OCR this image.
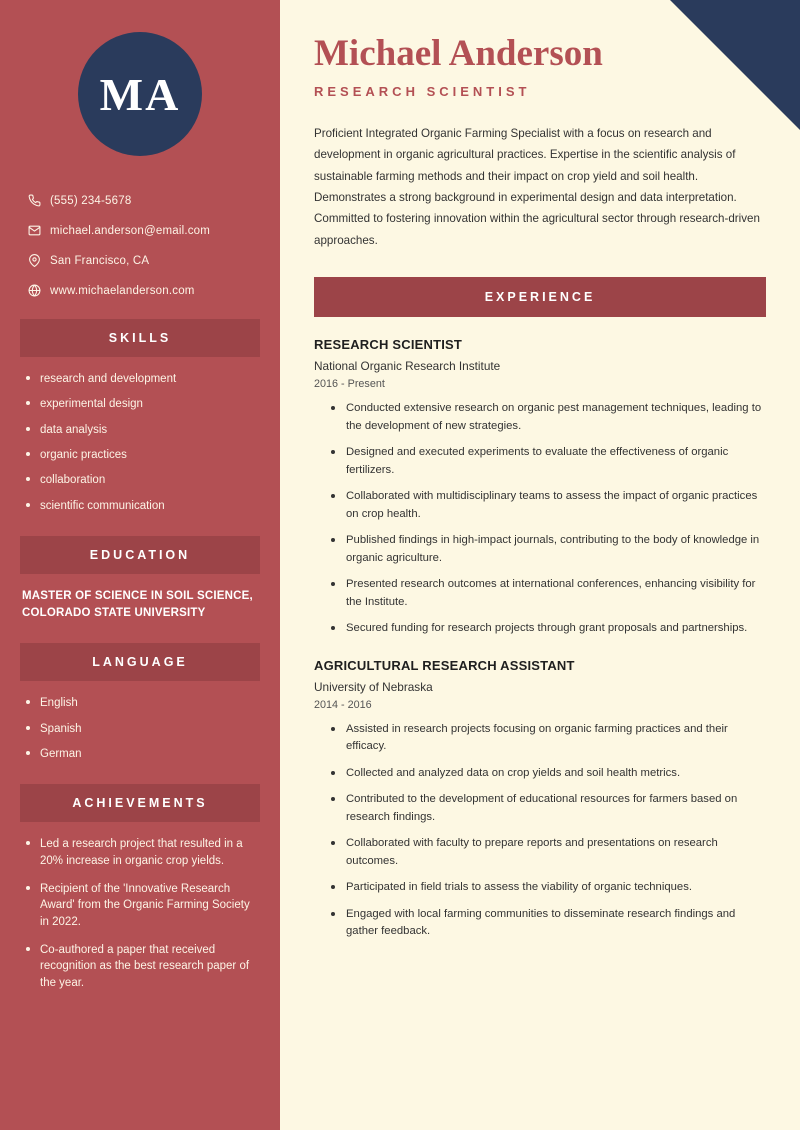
MA
(555) 234-5678
michael.anderson@email.com
San Francisco, CA
www.michaelanderson.com
SKILLS
research and development
experimental design
data analysis
organic practices
collaboration
scientific communication
EDUCATION
MASTER OF SCIENCE IN SOIL SCIENCE, COLORADO STATE UNIVERSITY
LANGUAGE
English
Spanish
German
ACHIEVEMENTS
Led a research project that resulted in a 20% increase in organic crop yields.
Recipient of the 'Innovative Research Award' from the Organic Farming Society in 2022.
Co-authored a paper that received recognition as the best research paper of the year.
Michael Anderson
RESEARCH SCIENTIST

Proficient Integrated Organic Farming Specialist with a focus on research and development in organic agricultural practices. Expertise in the scientific analysis of sustainable farming methods and their impact on crop yield and soil health. Demonstrates a strong background in experimental design and data interpretation. Committed to fostering innovation within the agricultural sector through research-driven approaches.

EXPERIENCE
RESEARCH SCIENTIST
National Organic Research Institute
2016 - Present
Conducted extensive research on organic pest management techniques, leading to the development of new strategies.
Designed and executed experiments to evaluate the effectiveness of organic fertilizers.
Collaborated with multidisciplinary teams to assess the impact of organic practices on crop health.
Published findings in high-impact journals, contributing to the body of knowledge in organic agriculture.
Presented research outcomes at international conferences, enhancing visibility for the Institute.
Secured funding for research projects through grant proposals and partnerships.
AGRICULTURAL RESEARCH ASSISTANT
University of Nebraska
2014 - 2016
Assisted in research projects focusing on organic farming practices and their efficacy.
Collected and analyzed data on crop yields and soil health metrics.
Contributed to the development of educational resources for farmers based on research findings.
Collaborated with faculty to prepare reports and presentations on research outcomes.
Participated in field trials to assess the viability of organic techniques.
Engaged with local farming communities to disseminate research findings and gather feedback.
